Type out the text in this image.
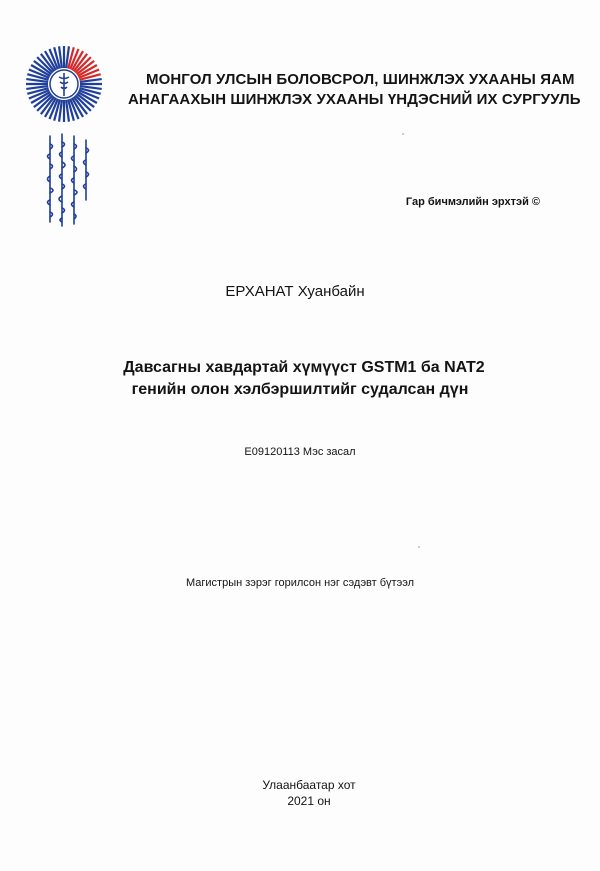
МОНГОЛ УЛСЫН БОЛОВСРОЛ, ШИНЖЛЭХ УХААНЫ ЯАМ
АНАГААХЫН ШИНЖЛЭХ УХААНЫ ҮНДЭСНИЙ ИХ СУРГУУЛЬ
Гар бичмэлийн эрхтэй ©
ЕРХАНАТ Хуанбайн
Давсагны хавдартай хүмүүст GSTM1 ба NAT2
генийн олон хэлбэршилтийг судалсан дүн
E09120113 Мэс засал
Магистрын зэрэг горилсон нэг сэдэвт бүтээл
Улаанбаатар хот
2021 он
